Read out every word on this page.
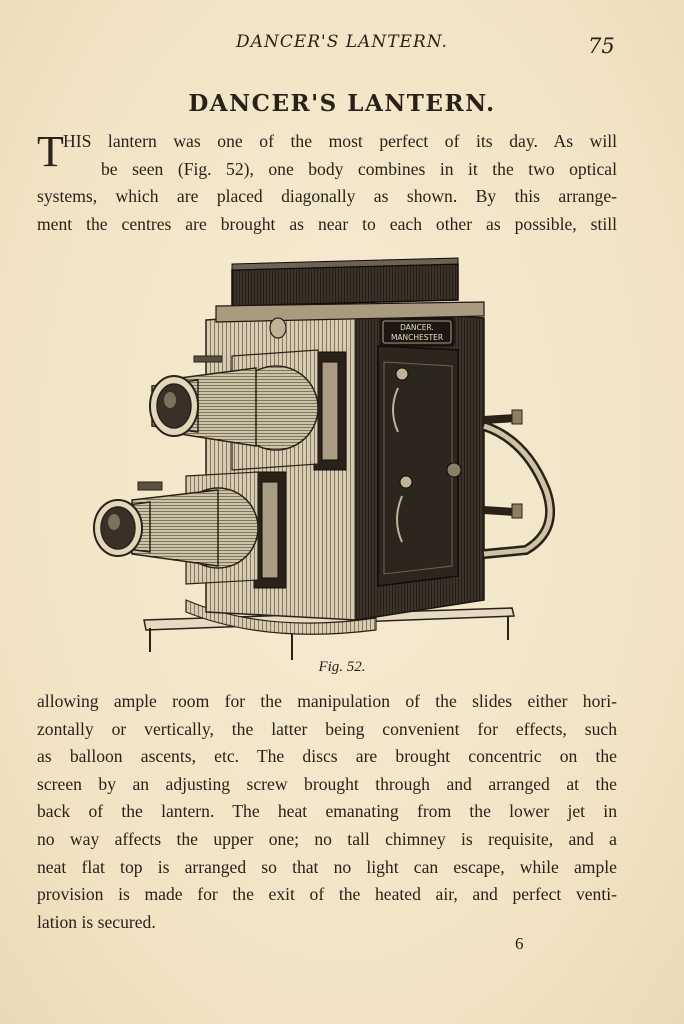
DANCER'S LANTERN.	75
DANCER'S LANTERN.
T HIS lantern was one of the most perfect of its day. As will
be seen (Fig. 52), one body combines in it the two optical
systems, which are placed diagonally as shown. By this arrange-
ment the centres are brought as near to each other as possible, still
DANCER.
MANCHESTER
Fig. 52.
allowing ample room for the manipulation of the slides either hori-
zontally or vertically, the latter being convenient for effects, such
as balloon ascents, etc. The discs are brought concentric on the
screen by an adjusting screw brought through and arranged at the
back of the lantern. The heat emanating from the lower jet in
no way affects the upper one; no tall chimney is requisite, and a
neat flat top is arranged so that no light can escape, while ample
provision is made for the exit of the heated air, and perfect venti-
lation is secured.
6
